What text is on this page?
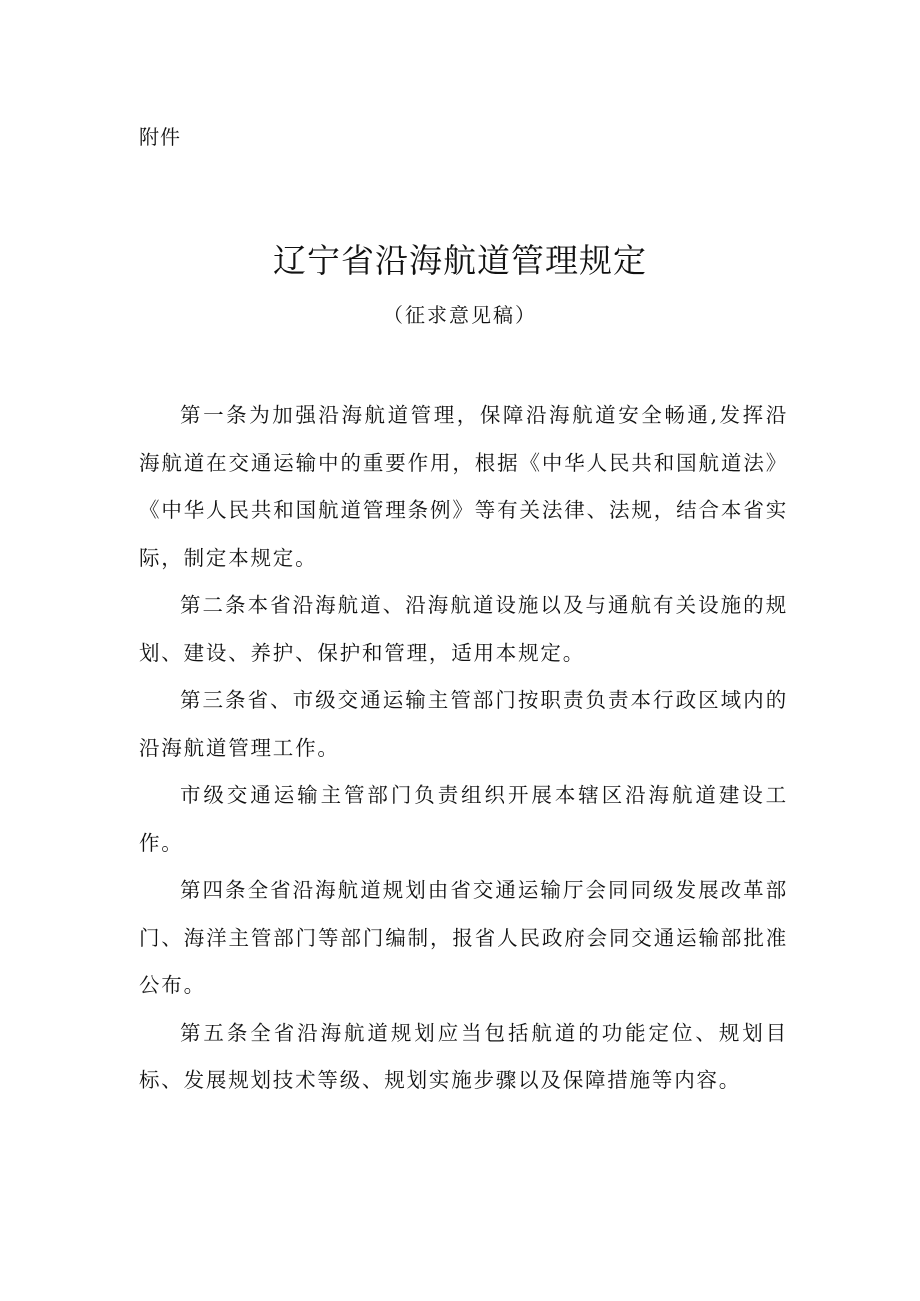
附件
辽宁省沿海航道管理规定
（征求意见稿）

第一条为加强沿海航道管理，保障沿海航道安全畅通,发挥沿海航道在交通运输中的重要作用，根据《中华人民共和国航道法》《中华人民共和国航道管理条例》等有关法律、法规，结合本省实际，制定本规定。

第二条本省沿海航道、沿海航道设施以及与通航有关设施的规划、建设、养护、保护和管理，适用本规定。

第三条省、市级交通运输主管部门按职责负责本行政区域内的沿海航道管理工作。

市级交通运输主管部门负责组织开展本辖区沿海航道建设工作。

第四条全省沿海航道规划由省交通运输厅会同同级发展改革部门、海洋主管部门等部门编制，报省人民政府会同交通运输部批准公布。

第五条全省沿海航道规划应当包括航道的功能定位、规划目标、发展规划技术等级、规划实施步骤以及保障措施等内容。
